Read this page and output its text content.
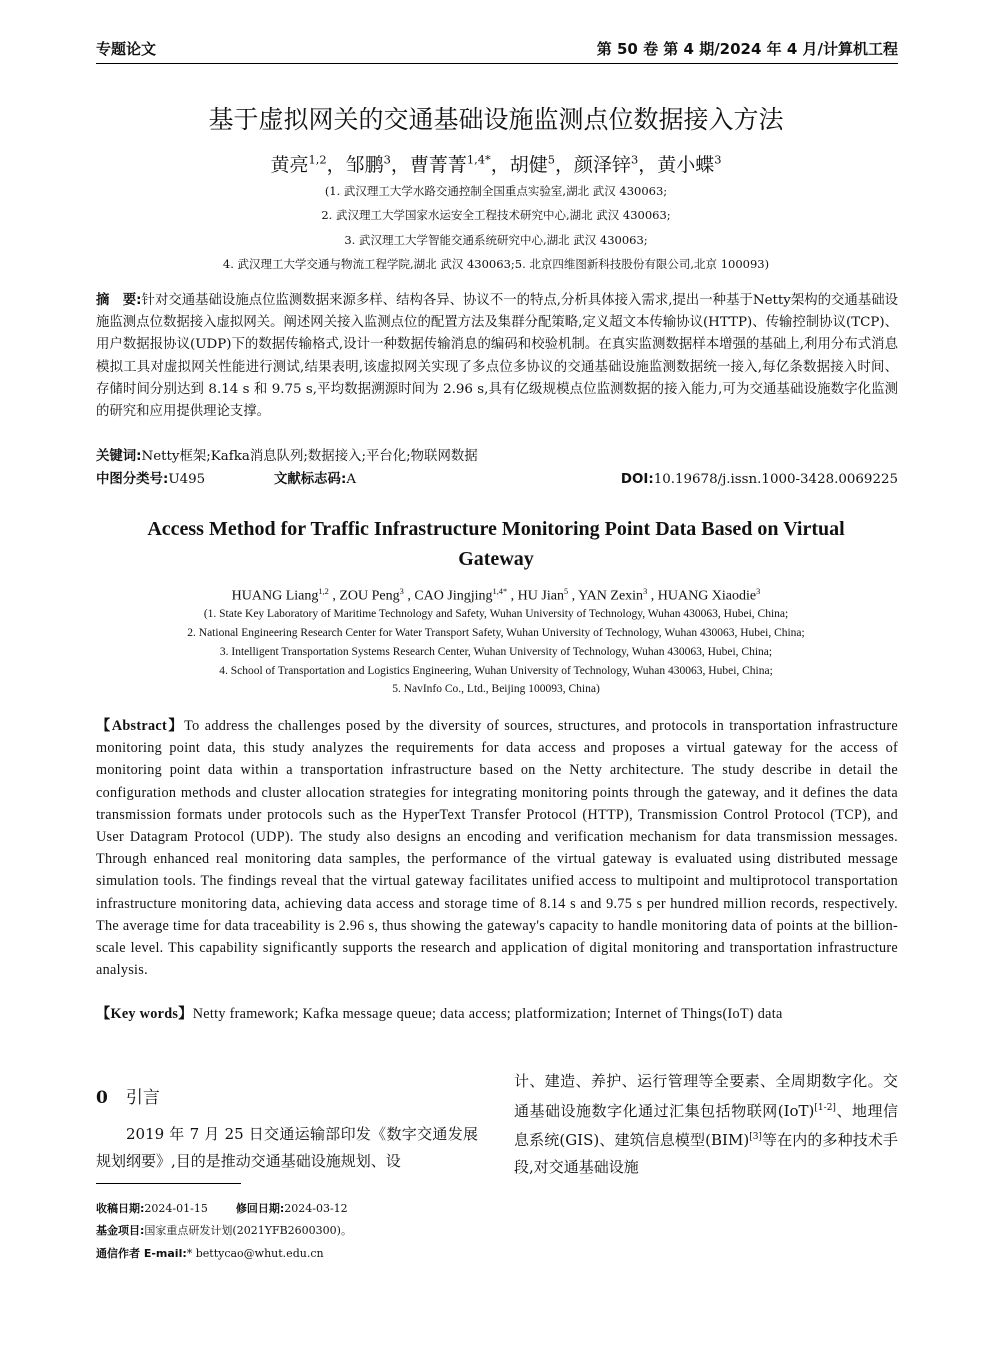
专题论文	第 50 卷 第 4 期/2024 年 4 月/计算机工程
基于虚拟网关的交通基础设施监测点位数据接入方法
黄亮$^{1,2}$，邹鹏$^3$，曹菁菁$^{1,4*}$，胡健$^5$，颜泽锌$^3$，黄小蝶$^3$
(1. 武汉理工大学水路交通控制全国重点实验室,湖北 武汉 430063;
2. 武汉理工大学国家水运安全工程技术研究中心,湖北 武汉 430063;
3. 武汉理工大学智能交通系统研究中心,湖北 武汉 430063;
4. 武汉理工大学交通与物流工程学院,湖北 武汉 430063;5. 北京四维图新科技股份有限公司,北京 100093)
摘　要:针对交通基础设施点位监测数据来源多样、结构各异、协议不一的特点,分析具体接入需求,提出一种基于Netty架构的交通基础设施监测点位数据接入虚拟网关。阐述网关接入监测点位的配置方法及集群分配策略,定义超文本传输协议(HTTP)、传输控制协议(TCP)、用户数据报协议(UDP)下的数据传输格式,设计一种数据传输消息的编码和校验机制。在真实监测数据样本增强的基础上,利用分布式消息模拟工具对虚拟网关性能进行测试,结果表明,该虚拟网关实现了多点位多协议的交通基础设施监测数据统一接入,每亿条数据接入时间、存储时间分别达到 8.14 s 和 9.75 s,平均数据溯源时间为 2.96 s,具有亿级规模点位监测数据的接入能力,可为交通基础设施数字化监测的研究和应用提供理论支撑。
关键词:Netty框架;Kafka消息队列;数据接入;平台化;物联网数据
中图分类号:U495	文献标志码:A	DOI:10.19678/j.issn.1000-3428.0069225
Access Method for Traffic Infrastructure Monitoring Point Data Based on Virtual Gateway
HUANG Liang$^{1,2}$ , ZOU Peng$^3$ , CAO Jingjing$^{1,4*}$ , HU Jian$^5$ , YAN Zexin$^3$ , HUANG Xiaodie$^3$
(1. State Key Laboratory of Maritime Technology and Safety, Wuhan University of Technology, Wuhan 430063, Hubei, China;
2. National Engineering Research Center for Water Transport Safety, Wuhan University of Technology, Wuhan 430063, Hubei, China;
3. Intelligent Transportation Systems Research Center, Wuhan University of Technology, Wuhan 430063, Hubei, China;
4. School of Transportation and Logistics Engineering, Wuhan University of Technology, Wuhan 430063, Hubei, China;
5. NavInfo Co., Ltd., Beijing 100093, China)
【Abstract】To address the challenges posed by the diversity of sources, structures, and protocols in transportation infrastructure monitoring point data, this study analyzes the requirements for data access and proposes a virtual gateway for the access of monitoring point data within a transportation infrastructure based on the Netty architecture. The study describe in detail the configuration methods and cluster allocation strategies for integrating monitoring points through the gateway, and it defines the data transmission formats under protocols such as the HyperText Transfer Protocol (HTTP), Transmission Control Protocol (TCP), and User Datagram Protocol (UDP). The study also designs an encoding and verification mechanism for data transmission messages. Through enhanced real monitoring data samples, the performance of the virtual gateway is evaluated using distributed message simulation tools. The findings reveal that the virtual gateway facilitates unified access to multipoint and multiprotocol transportation infrastructure monitoring data, achieving data access and storage time of 8.14 s and 9.75 s per hundred million records, respectively. The average time for data traceability is 2.96 s, thus showing the gateway's capacity to handle monitoring data of points at the billion-scale level. This capability significantly supports the research and application of digital monitoring and transportation infrastructure analysis.
【Key words】Netty framework; Kafka message queue; data access; platformization; Internet of Things(IoT) data
0 引言
2019 年 7 月 25 日交通运输部印发《数字交通发展规划纲要》,目的是推动交通基础设施规划、设
计、建造、养护、运行管理等全要素、全周期数字化。交通基础设施数字化通过汇集包括物联网(IoT)[1-2]、地理信息系统(GIS)、建筑信息模型(BIM)[3]等在内的多种技术手段,对交通基础设施
收稿日期:2024-01-15	修回日期:2024-03-12
基金项目:国家重点研发计划(2021YFB2600300)。
通信作者 E-mail:* bettycao@whut.edu.cn
